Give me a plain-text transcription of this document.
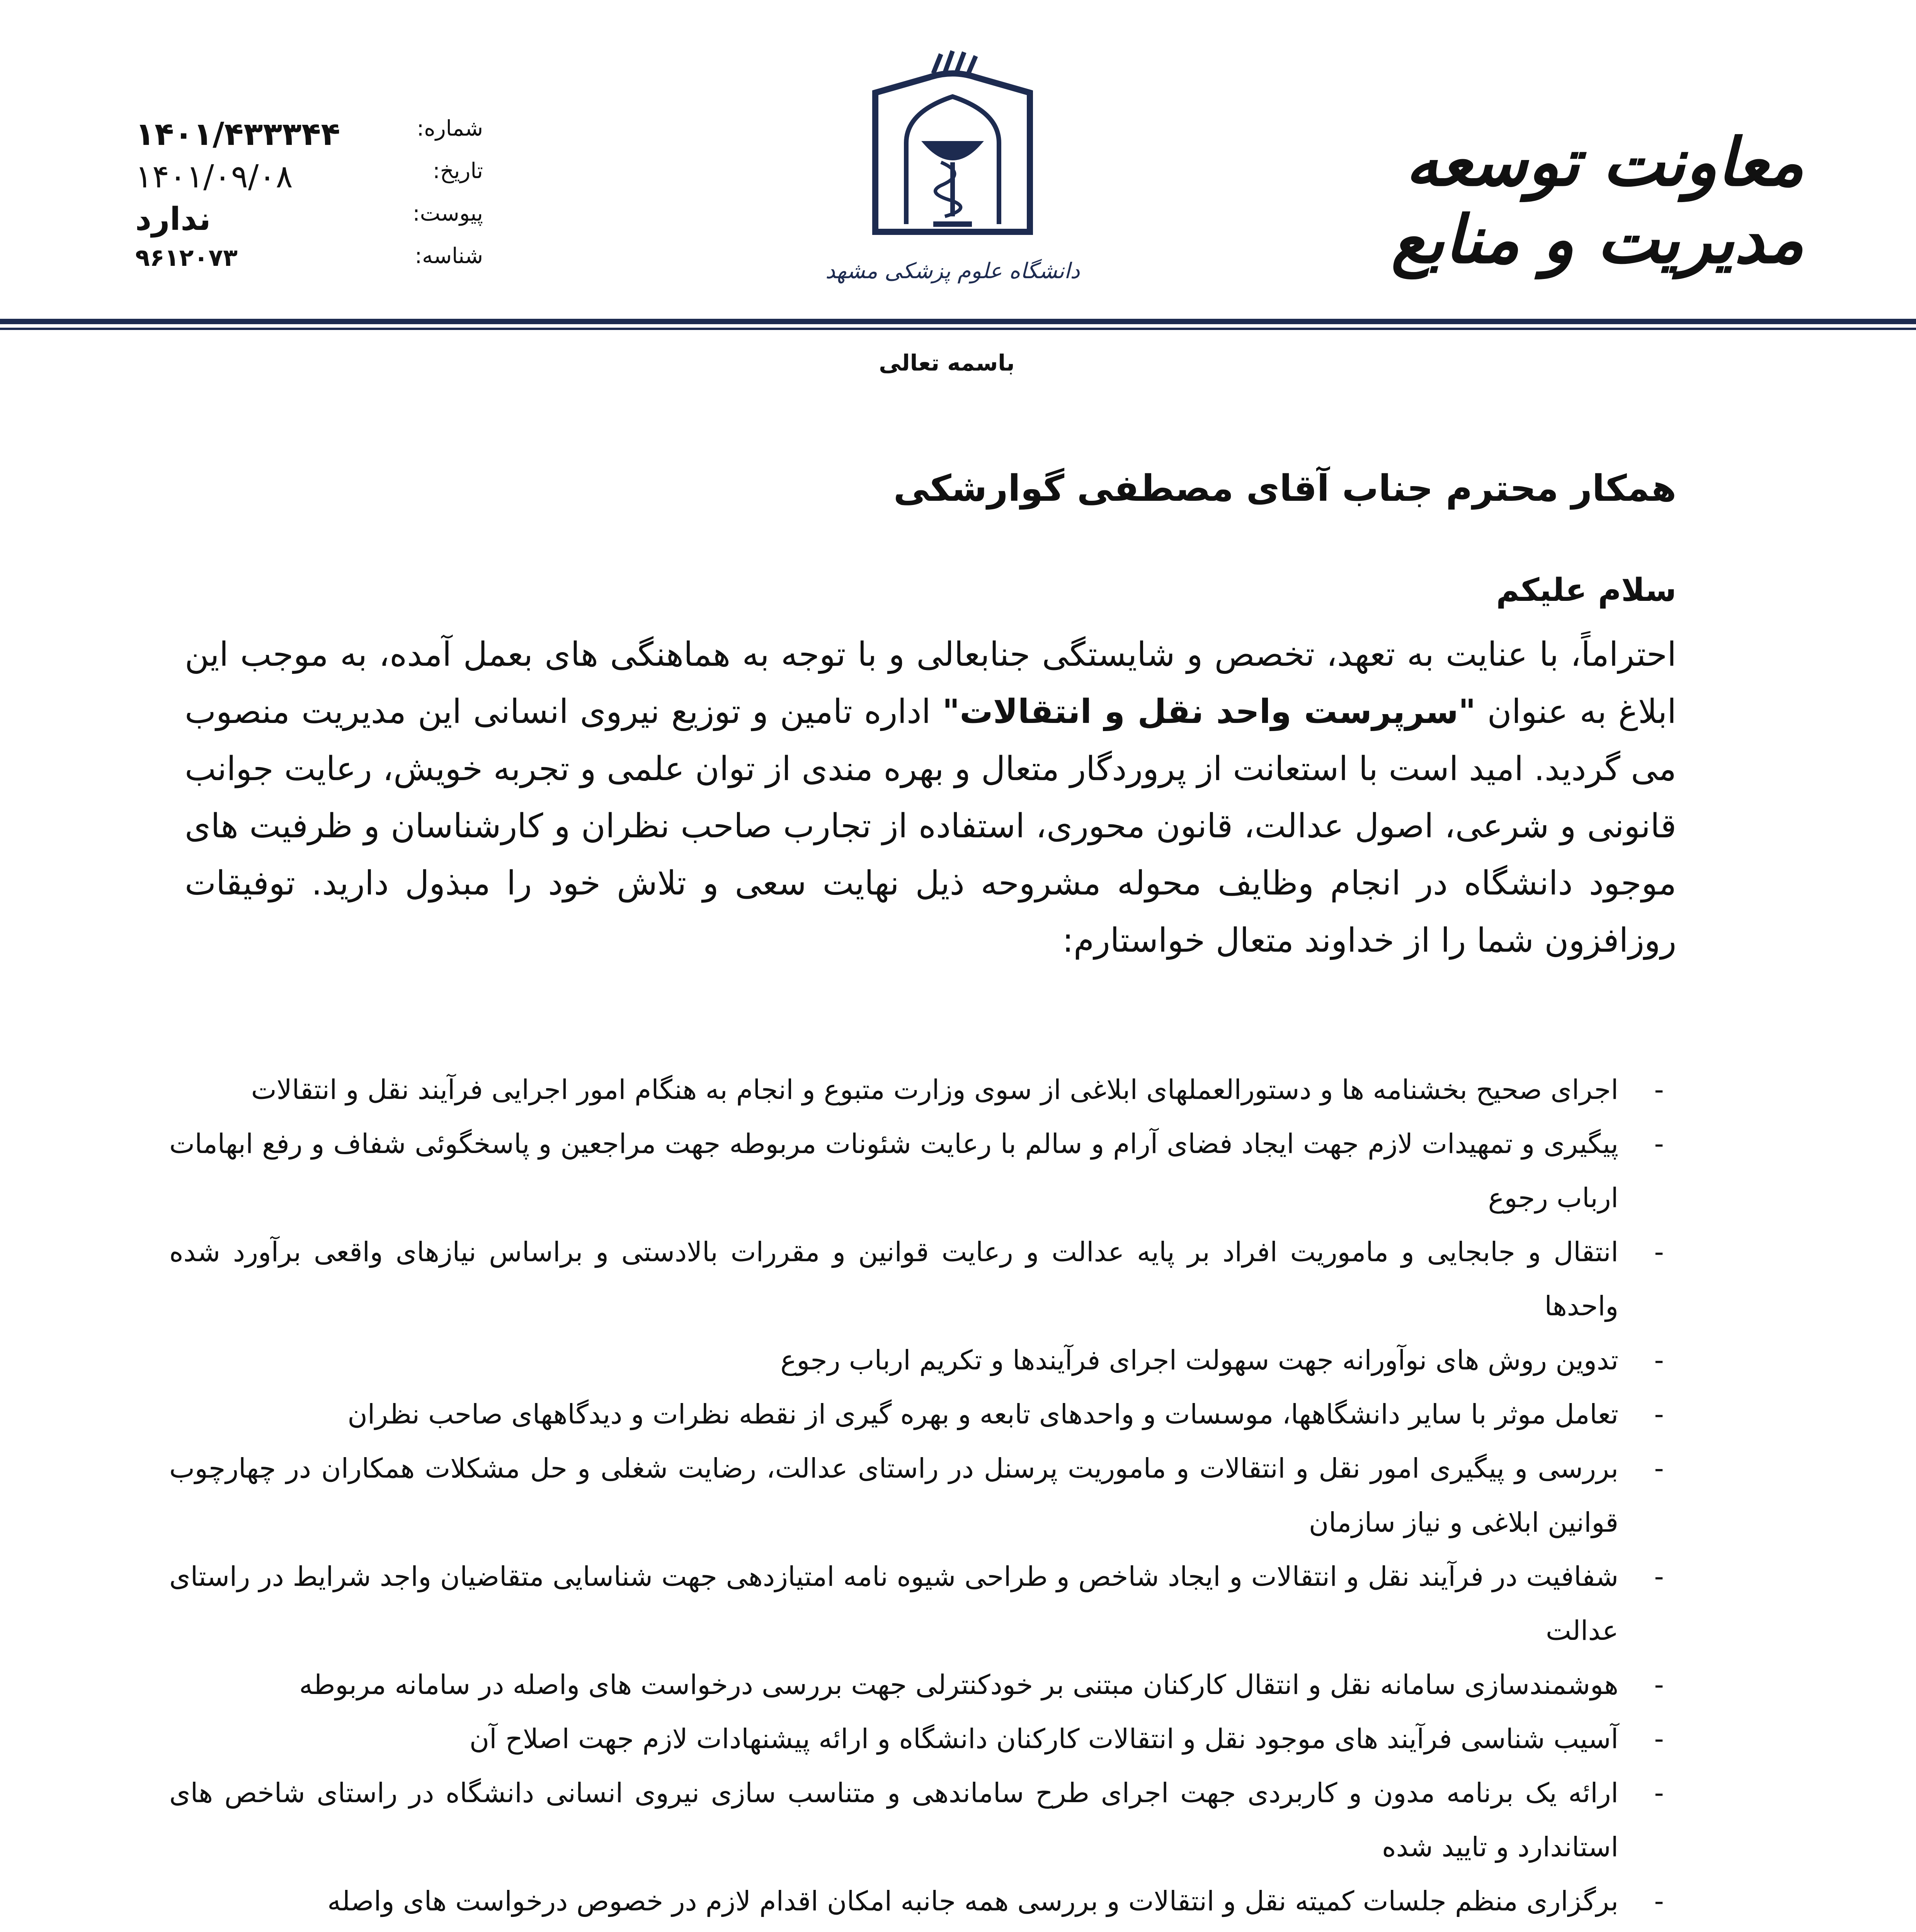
معاونت توسعه مدیریت و منابع
دانشگاه علوم پزشکی مشهد
۱۴۰۱/۴۳۳۳۴۴	شماره:
۱۴۰۱/۰۹/۰۸	تاریخ:
ندارد	پیوست:
۹۶۱۲۰۷۳	شناسه:
باسمه تعالی
همکار محترم جناب آقای مصطفی گوارشکی
سلام علیکم
احتراماً، با عنایت به تعهد، تخصص و شایستگی جنابعالی و با توجه به هماهنگی های بعمل آمده، به موجب این ابلاغ به عنوان "سرپرست واحد نقل و انتقالات" اداره تامین و توزیع نیروی انسانی این مدیریت منصوب می گردید. امید است با استعانت از پروردگار متعال و بهره مندی از توان علمی و تجربه خویش، رعایت جوانب قانونی و شرعی، اصول عدالت، قانون محوری، استفاده از تجارب صاحب نظران و کارشناسان و ظرفیت های موجود دانشگاه در انجام وظایف محوله مشروحه ذیل نهایت سعی و تلاش خود را مبذول دارید. توفیقات روزافزون شما را از خداوند متعال خواستارم:
-
اجرای صحیح بخشنامه ها و دستورالعملهای ابلاغی از سوی وزارت متبوع و انجام به هنگام امور اجرایی فرآیند نقل و انتقالات
-
پیگیری و تمهیدات لازم جهت ایجاد فضای آرام و سالم با رعایت شئونات مربوطه جهت مراجعین و پاسخگوئی شفاف و رفع ابهامات ارباب رجوع
-
انتقال و جابجایی و ماموریت افراد بر پایه عدالت و رعایت قوانین و مقررات بالادستی و براساس نیازهای واقعی برآورد شده واحدها
-
تدوین روش های نوآورانه جهت سهولت اجرای فرآیندها و تکریم ارباب رجوع
-
تعامل موثر با سایر دانشگاهها، موسسات و واحدهای تابعه و بهره گیری از نقطه نظرات و دیدگاههای صاحب نظران
-
بررسی و پیگیری امور نقل و انتقالات و ماموریت پرسنل در راستای عدالت، رضایت شغلی و حل مشکلات همکاران در چهارچوب قوانین ابلاغی و نیاز سازمان
-
شفافیت در فرآیند نقل و انتقالات و ایجاد شاخص و طراحی شیوه نامه امتیازدهی جهت شناسایی متقاضیان واجد شرایط در راستای عدالت
-
هوشمندسازی سامانه نقل و انتقال کارکنان مبتنی بر خودکنترلی جهت بررسی درخواست های واصله در سامانه مربوطه
-
آسیب شناسی فرآیند های موجود نقل و انتقالات کارکنان دانشگاه و ارائه پیشنهادات لازم جهت اصلاح آن
-
ارائه یک برنامه مدون و کاربردی جهت اجرای طرح ساماندهی و متناسب سازی نیروی انسانی دانشگاه در راستای شاخص های استاندارد و تایید شده
-
برگزاری منظم جلسات کمیته نقل و انتقالات و بررسی همه جانبه امکان اقدام لازم در خصوص درخواست های واصله
